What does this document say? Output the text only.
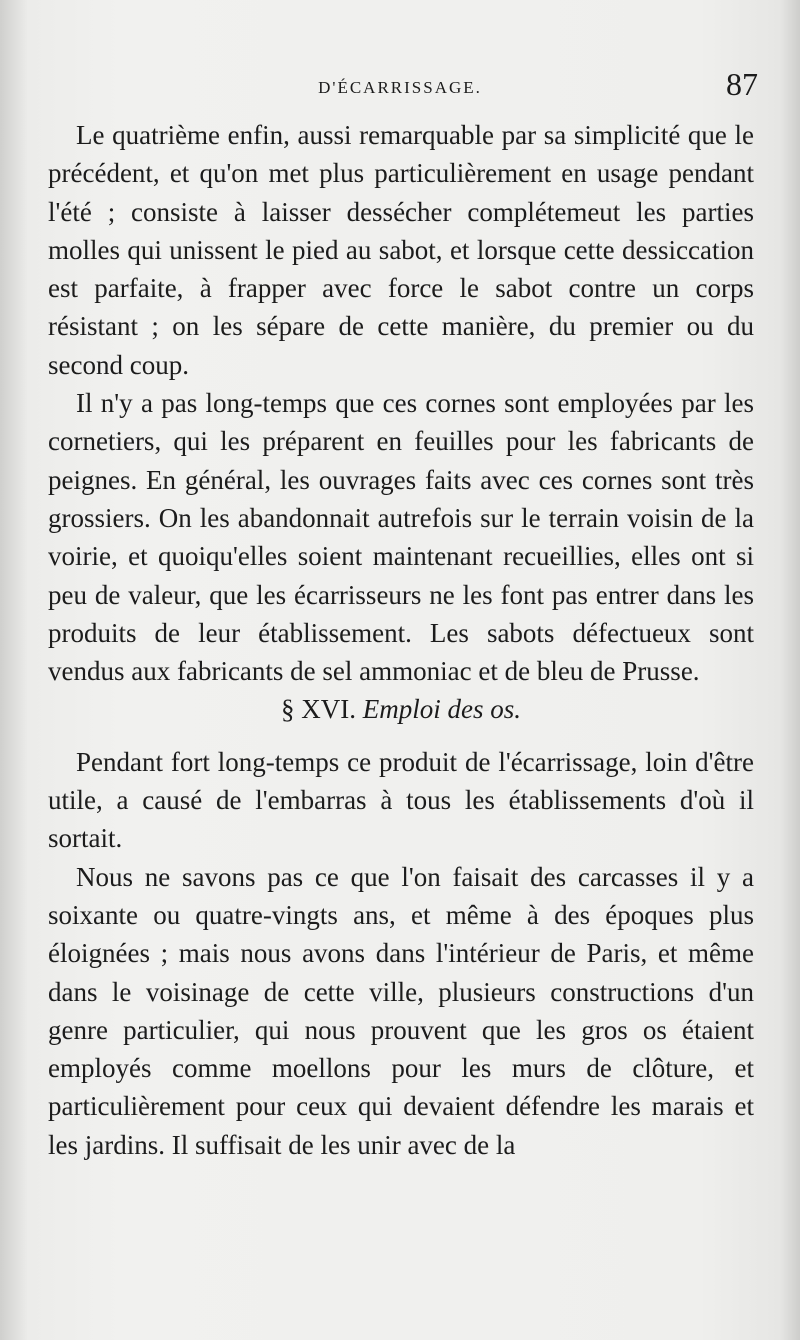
D'ÉCARRISSAGE.	87

Le quatrième enfin, aussi remarquable par sa simplicité que le précédent, et qu'on met plus particulièrement en usage pendant l'été ; consiste à laisser dessécher complétemeut les parties molles qui unissent le pied au sabot, et lorsque cette dessiccation est parfaite, à frapper avec force le sabot contre un corps résistant ; on les sépare de cette manière, du premier ou du second coup.

Il n'y a pas long-temps que ces cornes sont employées par les cornetiers, qui les préparent en feuilles pour les fabricants de peignes. En général, les ouvrages faits avec ces cornes sont très grossiers. On les abandonnait autrefois sur le terrain voisin de la voirie, et quoiqu'elles soient maintenant recueillies, elles ont si peu de valeur, que les écarrisseurs ne les font pas entrer dans les produits de leur établissement. Les sabots défectueux sont vendus aux fabricants de sel ammoniac et de bleu de Prusse.

§ XVI. Emploi des os.

Pendant fort long-temps ce produit de l'écarrissage, loin d'être utile, a causé de l'embarras à tous les établissements d'où il sortait.

Nous ne savons pas ce que l'on faisait des carcasses il y a soixante ou quatre-vingts ans, et même à des époques plus éloignées ; mais nous avons dans l'intérieur de Paris, et même dans le voisinage de cette ville, plusieurs constructions d'un genre particulier, qui nous prouvent que les gros os étaient employés comme moellons pour les murs de clôture, et particulièrement pour ceux qui devaient défendre les marais et les jardins. Il suffisait de les unir avec de la
